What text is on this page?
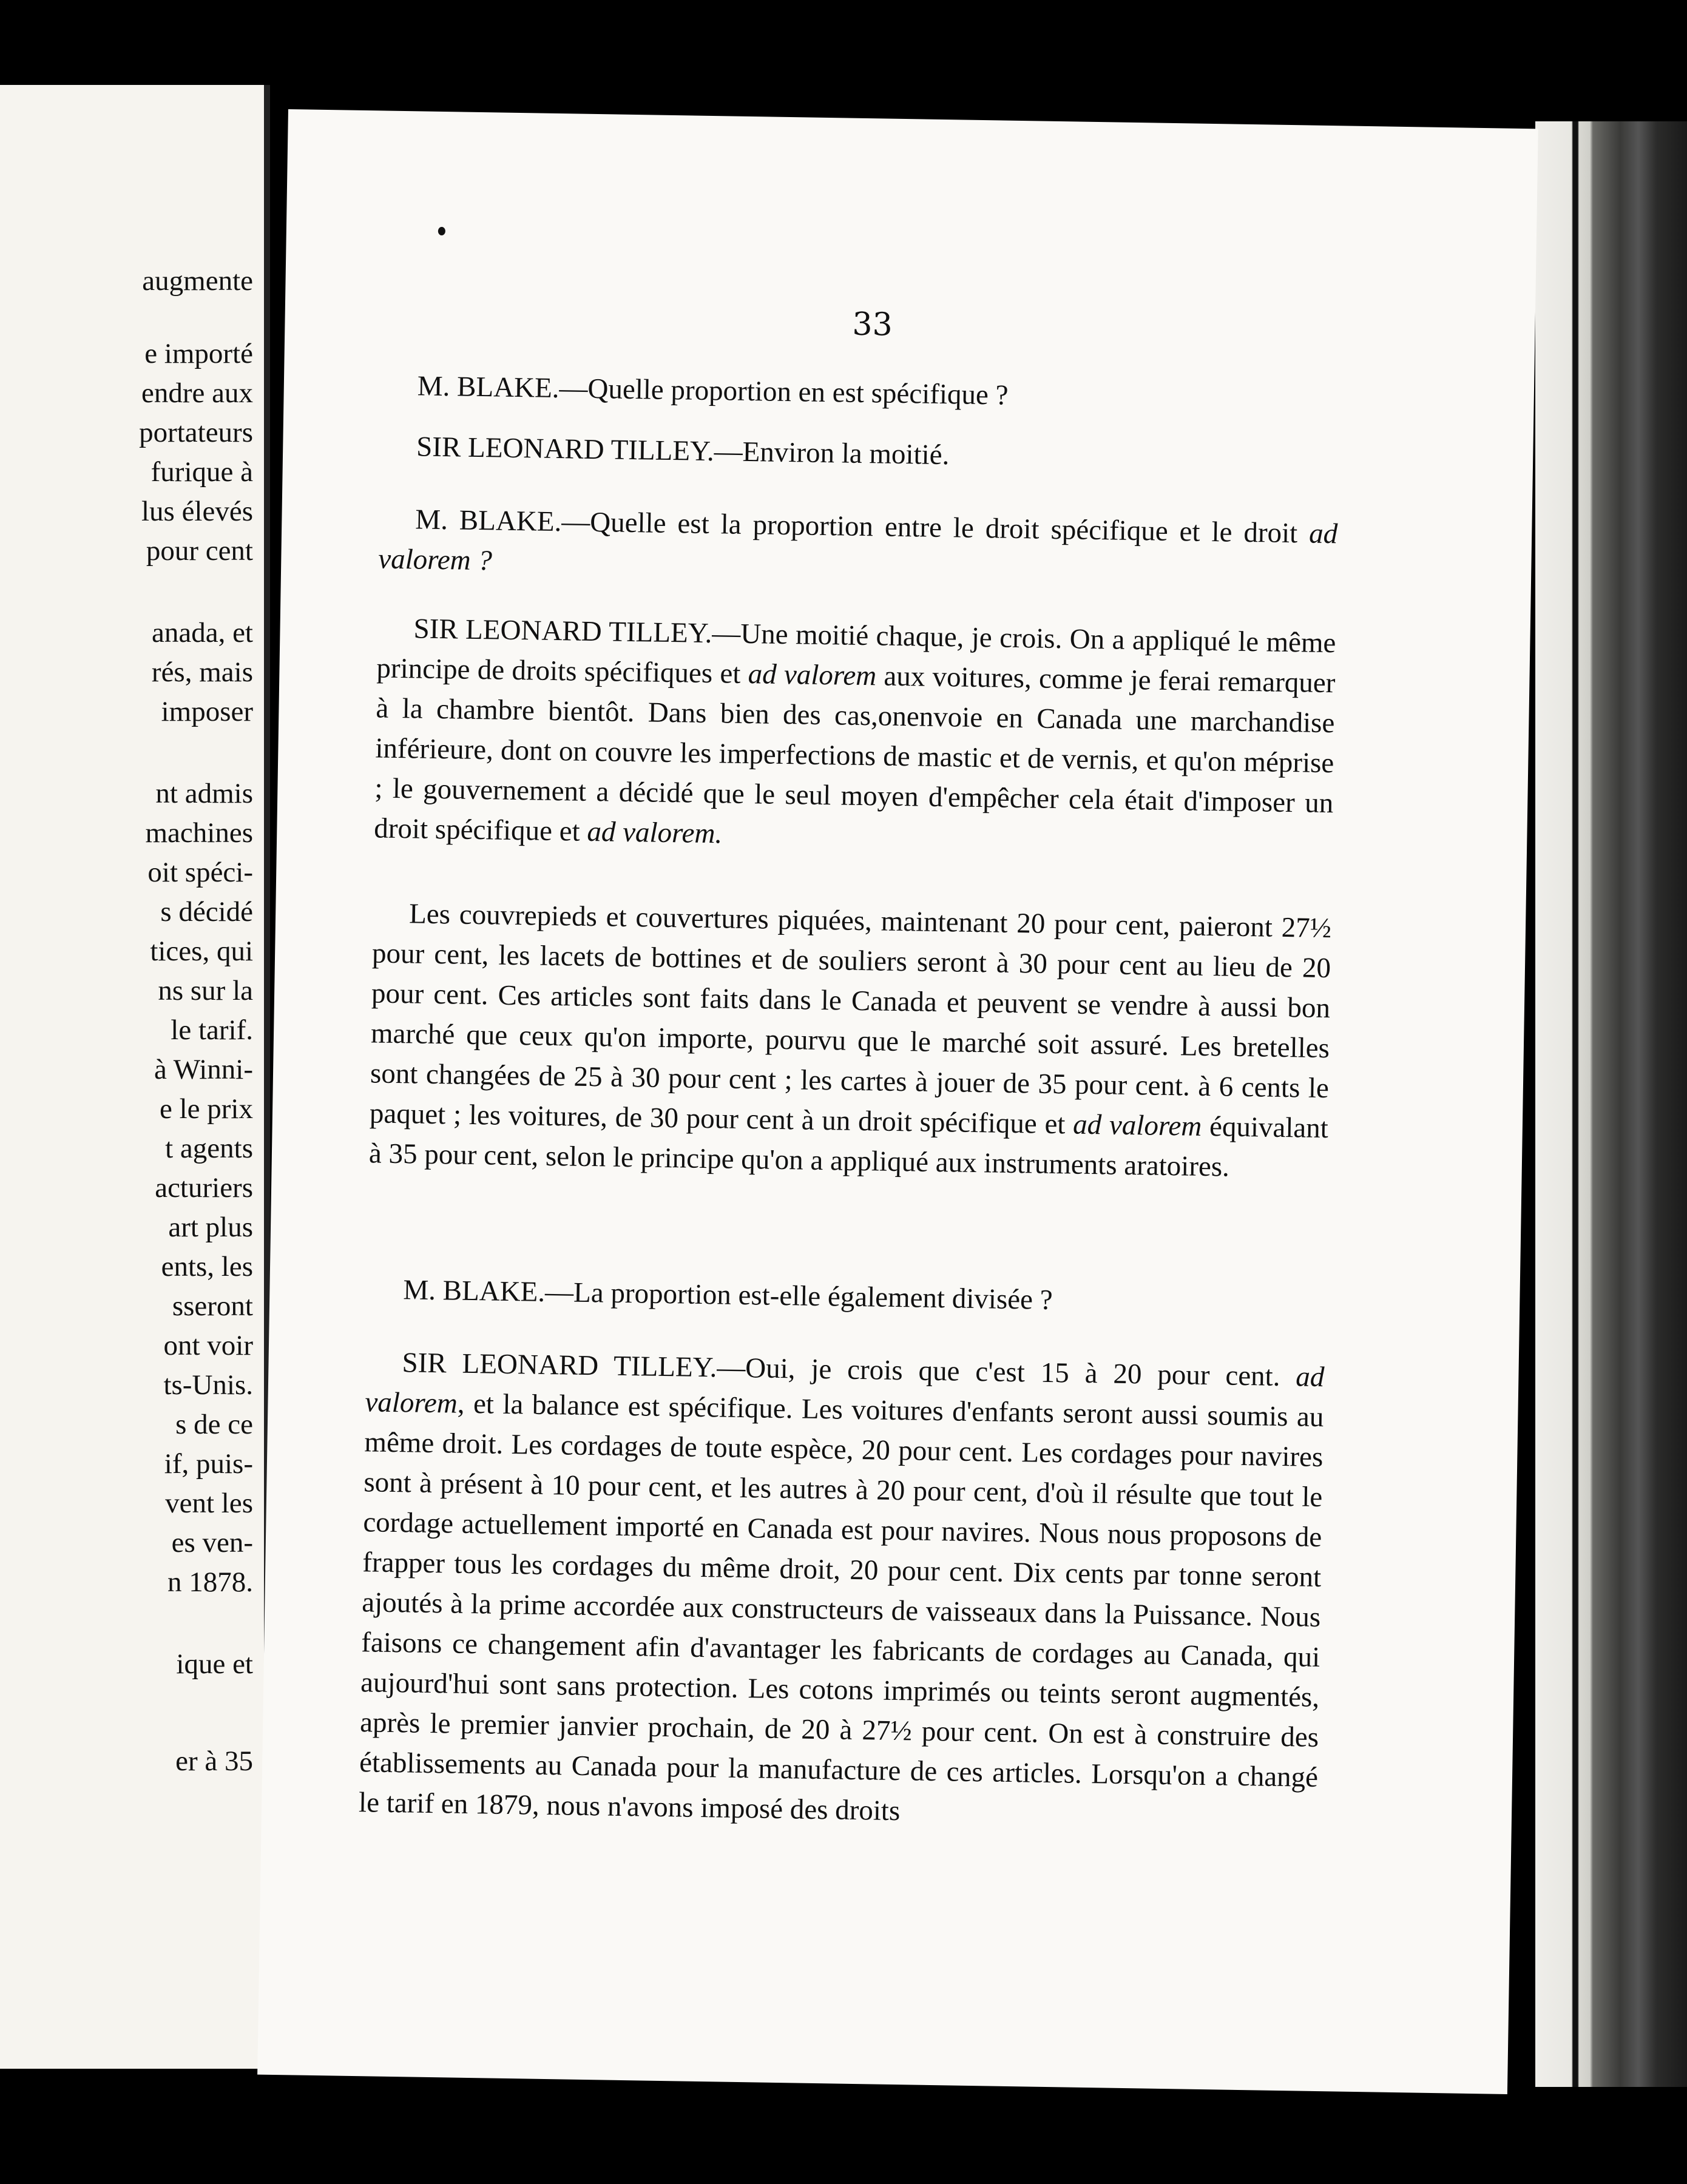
augmente
e importé
endre aux
portateurs
furique à
lus élevés
pour cent
anada, et
rés, mais
imposer
nt admis
machines
oit spéci-
s décidé
tices, qui
ns sur la
le tarif.
à Winni-
e le prix
t agents
acturiers
art plus
ents, les
sseront
ont voir
ts-Unis.
s de ce
if, puis-
vent les
es ven-
n 1878.
ique et
er à 35
33

M. BLAKE.—Quelle proportion en est spécifique ?

SIR LEONARD TILLEY.—Environ la moitié.

M. BLAKE.—Quelle est la proportion entre le droit spécifique et le droit ad valorem ?

SIR LEONARD TILLEY.—Une moitié chaque, je crois. On a appliqué le même principe de droits spécifiques et ad valorem aux voitures, comme je ferai remarquer à la chambre bientôt. Dans bien des cas,onenvoie en Canada une marchandise inférieure, dont on couvre les imperfections de mastic et de vernis, et qu'on méprise ; le gouvernement a décidé que le seul moyen d'empêcher cela était d'imposer un droit spécifique et ad valorem.

Les couvrepieds et couvertures piquées, maintenant 20 pour cent, paieront 27½ pour cent, les lacets de bottines et de souliers seront à 30 pour cent au lieu de 20 pour cent. Ces articles sont faits dans le Canada et peuvent se vendre à aussi bon marché que ceux qu'on importe, pourvu que le marché soit assuré. Les bretelles sont changées de 25 à 30 pour cent ; les cartes à jouer de 35 pour cent. à 6 cents le paquet ; les voitures, de 30 pour cent à un droit spécifique et ad valorem équivalant à 35 pour cent, selon le principe qu'on a appliqué aux instruments aratoires.

M. BLAKE.—La proportion est-elle également divisée ?

SIR LEONARD TILLEY.—Oui, je crois que c'est 15 à 20 pour cent. ad valorem, et la balance est spécifique. Les voitures d'enfants seront aussi soumis au même droit. Les cordages de toute espèce, 20 pour cent. Les cordages pour navires sont à présent à 10 pour cent, et les autres à 20 pour cent, d'où il résulte que tout le cordage actuellement importé en Canada est pour navires. Nous nous proposons de frapper tous les cordages du même droit, 20 pour cent. Dix cents par tonne seront ajoutés à la prime accordée aux constructeurs de vaisseaux dans la Puissance. Nous faisons ce changement afin d'avantager les fabricants de cordages au Canada, qui aujourd'hui sont sans protection. Les cotons imprimés ou teints seront augmentés, après le premier janvier prochain, de 20 à 27½ pour cent. On est à construire des établissements au Canada pour la manufacture de ces articles. Lorsqu'on a changé le tarif en 1879, nous n'avons imposé des droits
